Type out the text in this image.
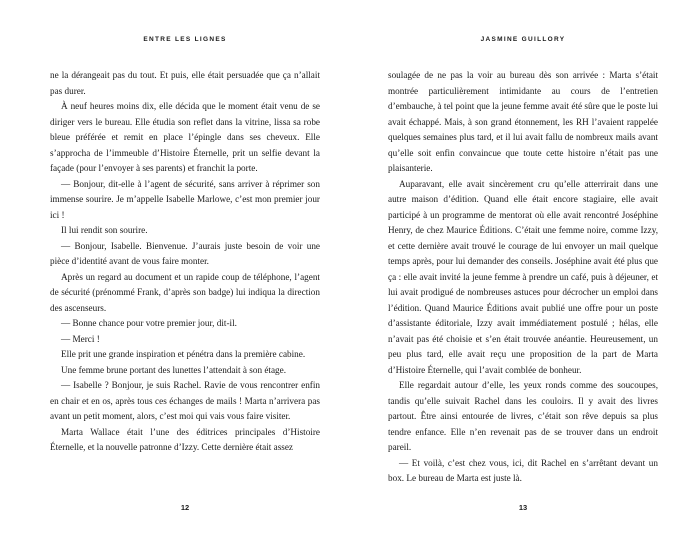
ENTRE LES LIGNES

ne la dérangeait pas du tout. Et puis, elle était persuadée que ça n’allait pas durer.

À neuf heures moins dix, elle décida que le moment était venu de se diriger vers le bureau. Elle étudia son reflet dans la vitrine, lissa sa robe bleue préférée et remit en place l’épingle dans ses cheveux. Elle s’approcha de l’immeuble d’Histoire Éternelle, prit un selfie devant la façade (pour l’envoyer à ses parents) et franchit la porte.

— Bonjour, dit-elle à l’agent de sécurité, sans arriver à réprimer son immense sourire. Je m’appelle Isabelle Marlowe, c’est mon premier jour ici !

Il lui rendit son sourire.

— Bonjour, Isabelle. Bienvenue. J’aurais juste besoin de voir une pièce d’identité avant de vous faire monter.

Après un regard au document et un rapide coup de téléphone, l’agent de sécurité (prénommé Frank, d’après son badge) lui indiqua la direction des ascenseurs.

— Bonne chance pour votre premier jour, dit-il.

— Merci !

Elle prit une grande inspiration et pénétra dans la première cabine.

Une femme brune portant des lunettes l’attendait à son étage.

— Isabelle ? Bonjour, je suis Rachel. Ravie de vous rencontrer enfin en chair et en os, après tous ces échanges de mails ! Marta n’arrivera pas avant un petit moment, alors, c’est moi qui vais vous faire visiter.

Marta Wallace était l’une des éditrices principales d’Histoire Éternelle, et la nouvelle patronne d’Izzy. Cette dernière était assez

12
JASMINE GUILLORY

soulagée de ne pas la voir au bureau dès son arrivée : Marta s’était montrée particulièrement intimidante au cours de l’entretien d’embauche, à tel point que la jeune femme avait été sûre que le poste lui avait échappé. Mais, à son grand étonnement, les RH l’avaient rappelée quelques semaines plus tard, et il lui avait fallu de nombreux mails avant qu’elle soit enfin convaincue que toute cette histoire n’était pas une plaisanterie.

Auparavant, elle avait sincèrement cru qu’elle atterrirait dans une autre maison d’édition. Quand elle était encore stagiaire, elle avait participé à un programme de mentorat où elle avait rencontré Joséphine Henry, de chez Maurice Éditions. C’était une femme noire, comme Izzy, et cette dernière avait trouvé le courage de lui envoyer un mail quelque temps après, pour lui demander des conseils. Joséphine avait été plus que ça : elle avait invité la jeune femme à prendre un café, puis à déjeuner, et lui avait prodigué de nombreuses astuces pour décrocher un emploi dans l’édition. Quand Maurice Éditions avait publié une offre pour un poste d’assistante éditoriale, Izzy avait immédiatement postulé ; hélas, elle n’avait pas été choisie et s’en était trouvée anéantie. Heureusement, un peu plus tard, elle avait reçu une proposition de la part de Marta d’Histoire Éternelle, qui l’avait comblée de bonheur.

Elle regardait autour d’elle, les yeux ronds comme des soucoupes, tandis qu’elle suivait Rachel dans les couloirs. Il y avait des livres partout. Être ainsi entourée de livres, c’était son rêve depuis sa plus tendre enfance. Elle n’en revenait pas de se trouver dans un endroit pareil.

— Et voilà, c’est chez vous, ici, dit Rachel en s’arrêtant devant un box. Le bureau de Marta est juste là.

13
